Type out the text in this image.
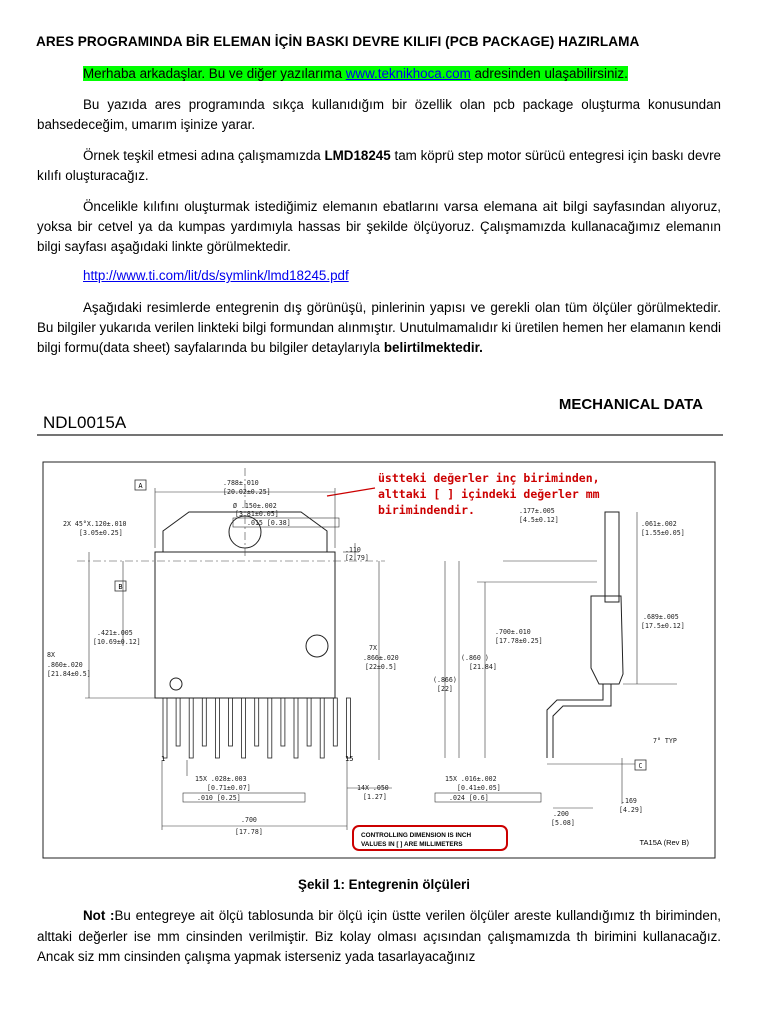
ARES PROGRAMINDA BİR ELEMAN İÇİN BASKI DEVRE KILIFI (PCB PACKAGE) HAZIRLAMA
Merhaba arkadaşlar. Bu ve diğer yazılarıma www.teknikhoca.com adresinden ulaşabilirsiniz.
Bu yazıda ares programında sıkça kullanıdığım bir özellik olan pcb package oluşturma konusundan bahsedeceğim, umarım işinize yarar.
Örnek teşkil etmesi adına çalışmamızda LMD18245 tam köprü step motor sürücü entegresi için baskı devre kılıfı oluşturacağız.
Öncelikle kılıfını oluşturmak istediğimiz elemanın ebatlarını varsa elemana ait bilgi sayfasından alıyoruz, yoksa bir cetvel ya da kumpas yardımıyla hassas bir şekilde ölçüyoruz. Çalışmamızda kullanacağımız elemanın bilgi sayfası aşağıdaki linkte görülmektedir.
http://www.ti.com/lit/ds/symlink/lmd18245.pdf
Aşağıdaki resimlerde entegrenin dış görünüşü, pinlerinin yapısı ve gerekli olan tüm ölçüler görülmektedir. Bu bilgiler yukarıda verilen linkteki bilgi formundan alınmıştır. Unutulmamalıdır ki üretilen hemen her elamanın kendi bilgi formu(data sheet) sayfalarında bu bilgiler detaylarıyla belirtilmektedir.
MECHANICAL DATA
NDL0015A
üstteki değerler inç biriminden,
alttaki [ ] içindeki değerler mm
birimindendir.
A
B
1	15
.788±.010
[20.02±0.25]
Ø .150±.002
[3.81±0.05]
.015 [0.38]
2X 45°X.120±.010
[3.05±0.25]
.110
[2.79]
.421±.005
[10.69±0.12]
8X
.860±.020
[21.84±0.5]
7X
.866±.020
[22±0.5]
15X .028±.003
[0.71±0.07]
.010 [0.25]
14X .050
[1.27]
.700
[17.78]
.177±.005
[4.5±0.12]	.061±.002
[1.55±0.05]
.689±.005
[17.5±0.12]
.700±.010
[17.78±0.25]
(.860 )
[21.84]
(.866)
[22]
7° TYP
15X .016±.002
[0.41±0.05]
.024 [0.6]	.169
[4.29]
.200
[5.08]
C
CONTROLLING DIMENSION IS INCH
VALUES IN [ ] ARE MILLIMETERS	TA15A (Rev B)
Şekil 1: Entegrenin ölçüleri
Not :Bu entegreye ait ölçü tablosunda bir ölçü için üstte verilen ölçüler areste kullandığımız th biriminden, alttaki değerler ise mm cinsinden verilmiştir. Biz kolay olması açısından çalışmamızda th birimini kullanacağız. Ancak siz mm cinsinden çalışma yapmak isterseniz yada tasarlayacağınız
